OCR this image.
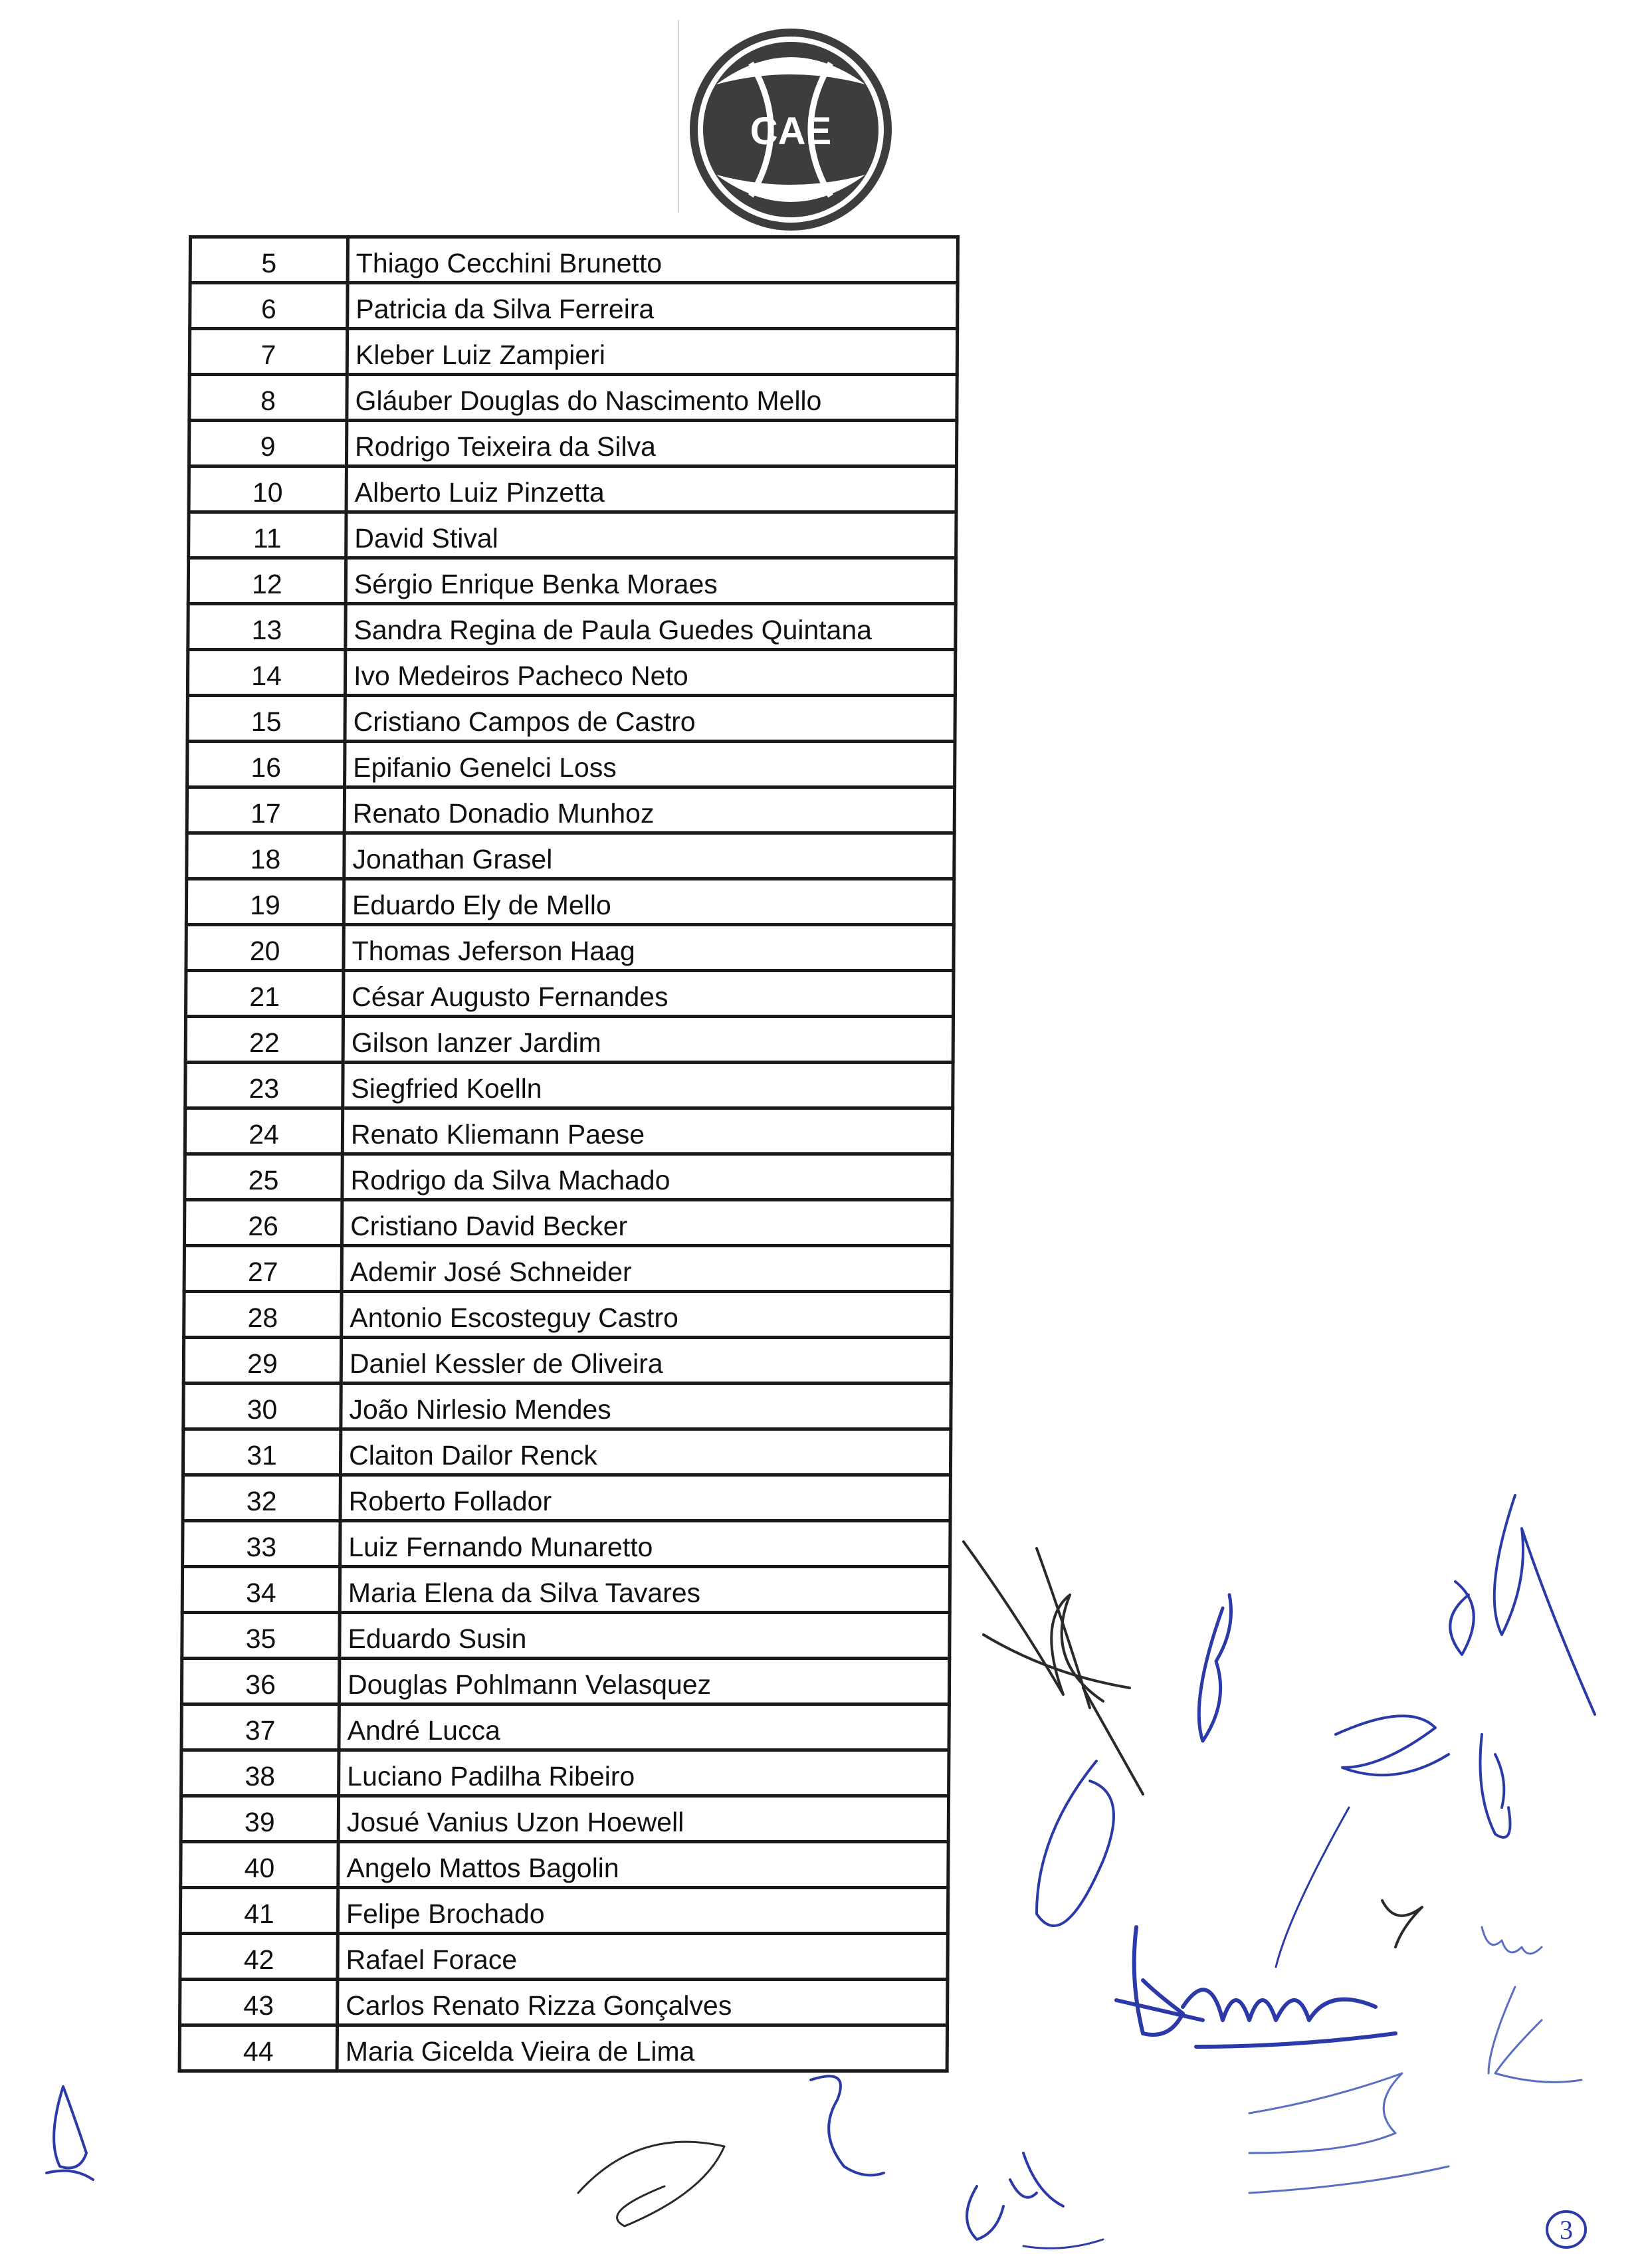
CAE
5	Thiago Cecchini Brunetto
6	Patricia da Silva Ferreira
7	Kleber Luiz Zampieri
8	Gláuber Douglas do Nascimento Mello
9	Rodrigo Teixeira da Silva
10	Alberto Luiz Pinzetta
11	David Stival
12	Sérgio Enrique Benka Moraes
13	Sandra Regina de Paula Guedes Quintana
14	Ivo Medeiros Pacheco Neto
15	Cristiano Campos de Castro
16	Epifanio Genelci Loss
17	Renato Donadio Munhoz
18	Jonathan Grasel
19	Eduardo Ely de Mello
20	Thomas Jeferson Haag
21	César Augusto Fernandes
22	Gilson Ianzer Jardim
23	Siegfried Koelln
24	Renato Kliemann Paese
25	Rodrigo da Silva Machado
26	Cristiano David Becker
27	Ademir José Schneider
28	Antonio Escosteguy Castro
29	Daniel Kessler de Oliveira
30	João Nirlesio Mendes
31	Claiton Dailor Renck
32	Roberto Follador
33	Luiz Fernando Munaretto
34	Maria Elena da Silva Tavares
35	Eduardo Susin
36	Douglas Pohlmann Velasquez
37	André Lucca
38	Luciano Padilha Ribeiro
39	Josué Vanius Uzon Hoewell
40	Angelo Mattos Bagolin
41	Felipe Brochado
42	Rafael Forace
43	Carlos Renato Rizza Gonçalves
44	Maria Gicelda Vieira de Lima
3
